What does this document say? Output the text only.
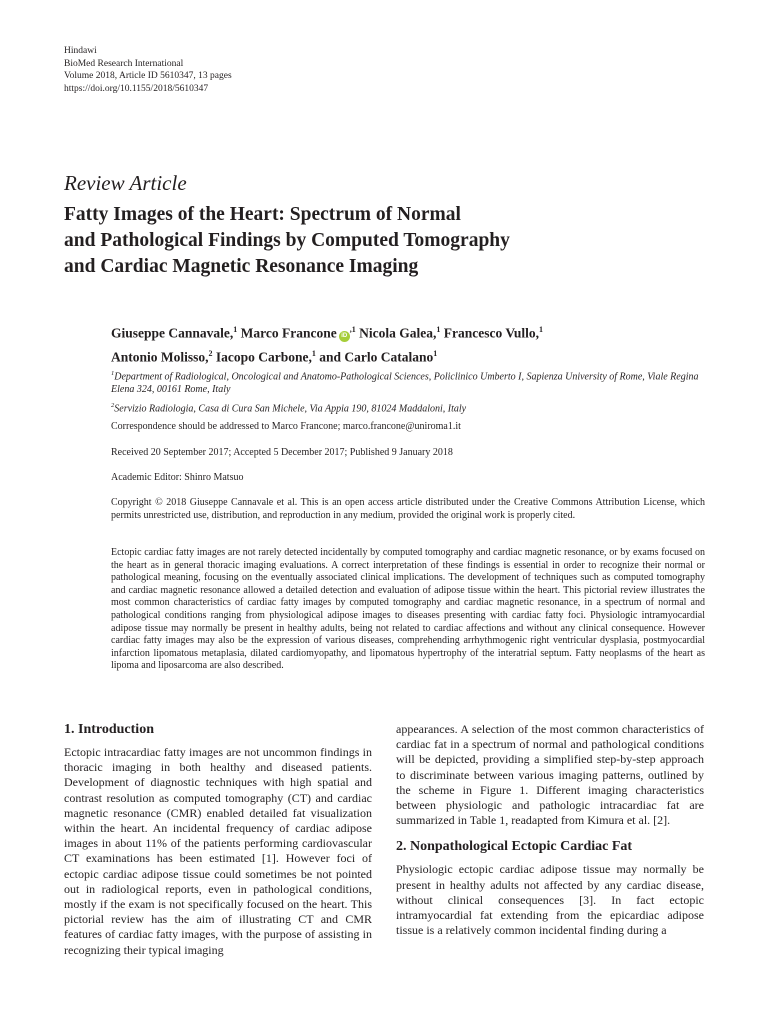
Hindawi
BioMed Research International
Volume 2018, Article ID 5610347, 13 pages
https://doi.org/10.1155/2018/5610347
Review Article
Fatty Images of the Heart: Spectrum of Normal
and Pathological Findings by Computed Tomography
and Cardiac Magnetic Resonance Imaging
Giuseppe Cannavale,$^1$ Marco Francone $iD^{,1}$ Nicola Galea,$^1$ Francesco Vullo,$^1$
Antonio Molisso,$^2$ Iacopo Carbone,$^1$ and Carlo Catalano$^1$
$^1$Department of Radiological, Oncological and Anatomo-Pathological Sciences, Policlinico Umberto I, Sapienza University of Rome, Viale Regina Elena 324, 00161 Rome, Italy
$^2$Servizio Radiologia, Casa di Cura San Michele, Via Appia 190, 81024 Maddaloni, Italy
Correspondence should be addressed to Marco Francone; marco.francone@uniroma1.it
Received 20 September 2017; Accepted 5 December 2017; Published 9 January 2018
Academic Editor: Shinro Matsuo
Copyright © 2018 Giuseppe Cannavale et al. This is an open access article distributed under the Creative Commons Attribution License, which permits unrestricted use, distribution, and reproduction in any medium, provided the original work is properly cited.
Ectopic cardiac fatty images are not rarely detected incidentally by computed tomography and cardiac magnetic resonance, or by exams focused on the heart as in general thoracic imaging evaluations. A correct interpretation of these findings is essential in order to recognize their normal or pathological meaning, focusing on the eventually associated clinical implications. The development of techniques such as computed tomography and cardiac magnetic resonance allowed a detailed detection and evaluation of adipose tissue within the heart. This pictorial review illustrates the most common characteristics of cardiac fatty images by computed tomography and cardiac magnetic resonance, in a spectrum of normal and pathological conditions ranging from physiological adipose images to diseases presenting with cardiac fatty foci. Physiologic intramyocardial adipose tissue may normally be present in healthy adults, being not related to cardiac affections and without any clinical consequence. However cardiac fatty images may also be the expression of various diseases, comprehending arrhythmogenic right ventricular dysplasia, postmyocardial infarction lipomatous metaplasia, dilated cardiomyopathy, and lipomatous hypertrophy of the interatrial septum. Fatty neoplasms of the heart as lipoma and liposarcoma are also described.
1. Introduction

Ectopic intracardiac fatty images are not uncommon findings in thoracic imaging in both healthy and diseased patients. Development of diagnostic techniques with high spatial and contrast resolution as computed tomography (CT) and cardiac magnetic resonance (CMR) enabled detailed fat visualization within the heart. An incidental frequency of cardiac adipose images in about 11% of the patients performing cardiovascular CT examinations has been estimated [1]. However foci of ectopic cardiac adipose tissue could sometimes be not pointed out in radiological reports, even in pathological conditions, mostly if the exam is not specifically focused on the heart. This pictorial review has the aim of illustrating CT and CMR features of cardiac fatty images, with the purpose of assisting in recognizing their typical imaging

appearances. A selection of the most common characteristics of cardiac fat in a spectrum of normal and pathological conditions will be depicted, providing a simplified step-by-step approach to discriminate between various imaging patterns, outlined by the scheme in Figure 1. Different imaging characteristics between physiologic and pathologic intracardiac fat are summarized in Table 1, readapted from Kimura et al. [2].

2. Nonpathological Ectopic Cardiac Fat

Physiologic ectopic cardiac adipose tissue may normally be present in healthy adults not affected by any cardiac disease, without clinical consequences [3]. In fact ectopic intramyocardial fat extending from the epicardiac adipose tissue is a relatively common incidental finding during a
